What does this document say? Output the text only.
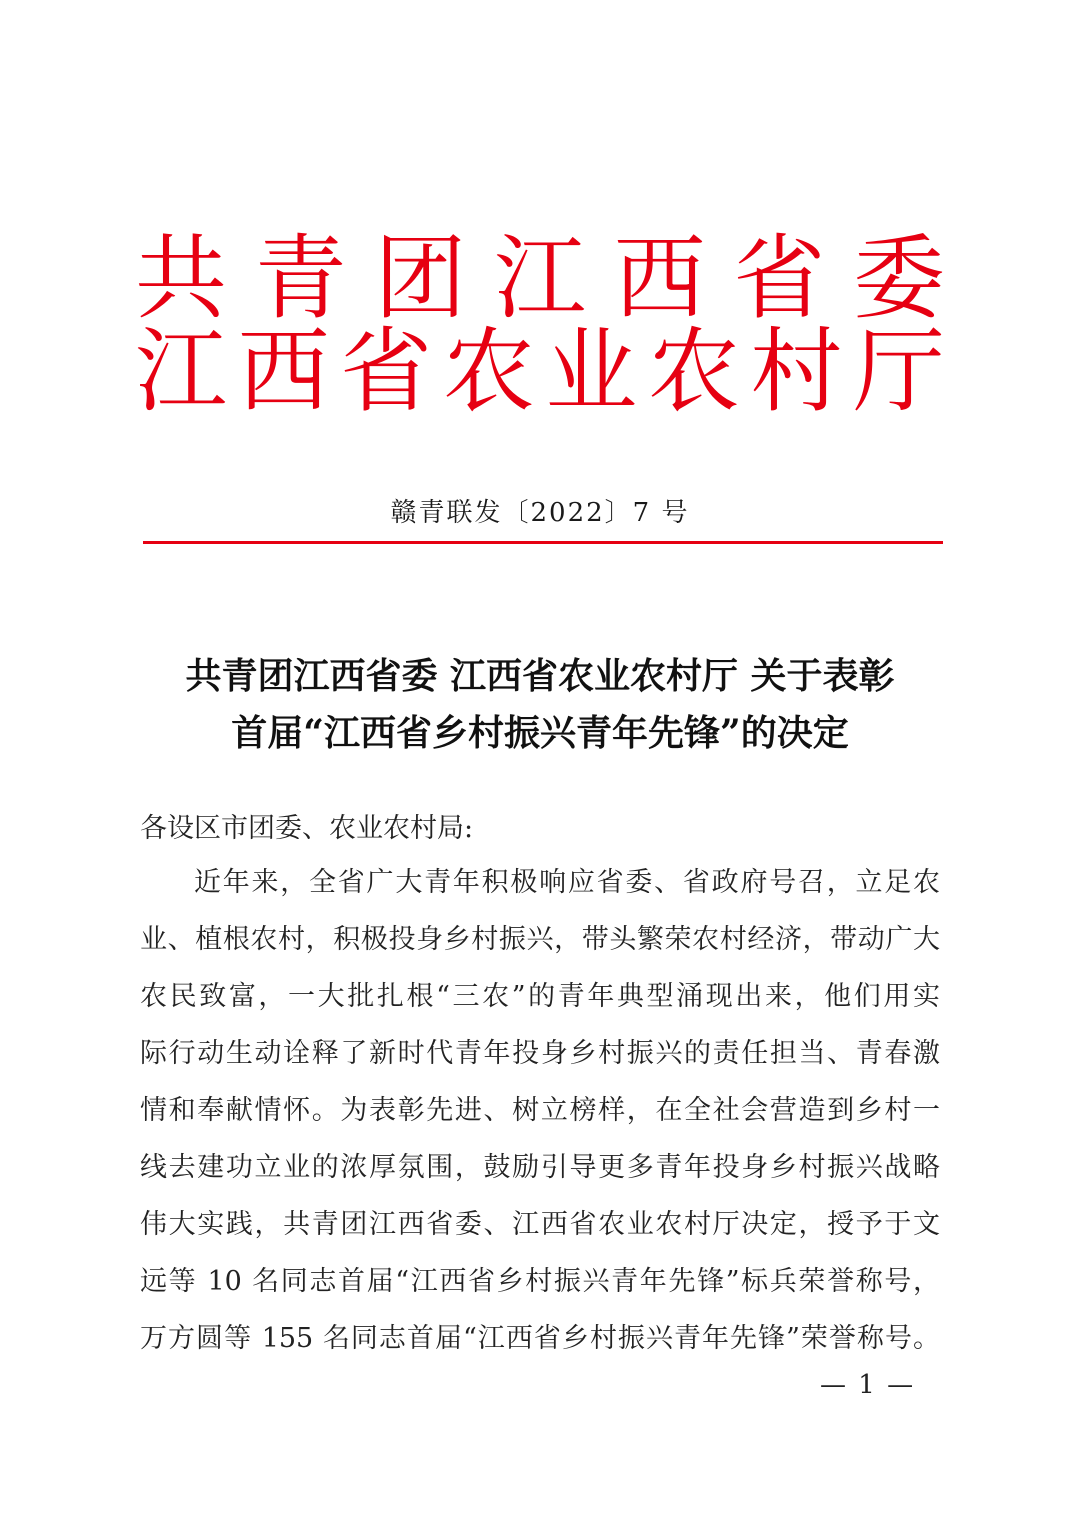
共青团江西省委
江西省农业农村厅
赣青联发〔2022〕7 号
共青团江西省委 江西省农业农村厅 关于表彰
首届“江西省乡村振兴青年先锋”的决定
各设区市团委、农业农村局:
近年来，全省广大青年积极响应省委、省政府号召，立足农
业、植根农村，积极投身乡村振兴，带头繁荣农村经济，带动广大
农民致富，一大批扎根“三农”的青年典型涌现出来，他们用实
际行动生动诠释了新时代青年投身乡村振兴的责任担当、青春激
情和奉献情怀。为表彰先进、树立榜样，在全社会营造到乡村一
线去建功立业的浓厚氛围，鼓励引导更多青年投身乡村振兴战略
伟大实践，共青团江西省委、江西省农业农村厅决定，授予于文
远等 10 名同志首届“江西省乡村振兴青年先锋”标兵荣誉称号，
万方圆等 155 名同志首届“江西省乡村振兴青年先锋”荣誉称号。
— 1 —
